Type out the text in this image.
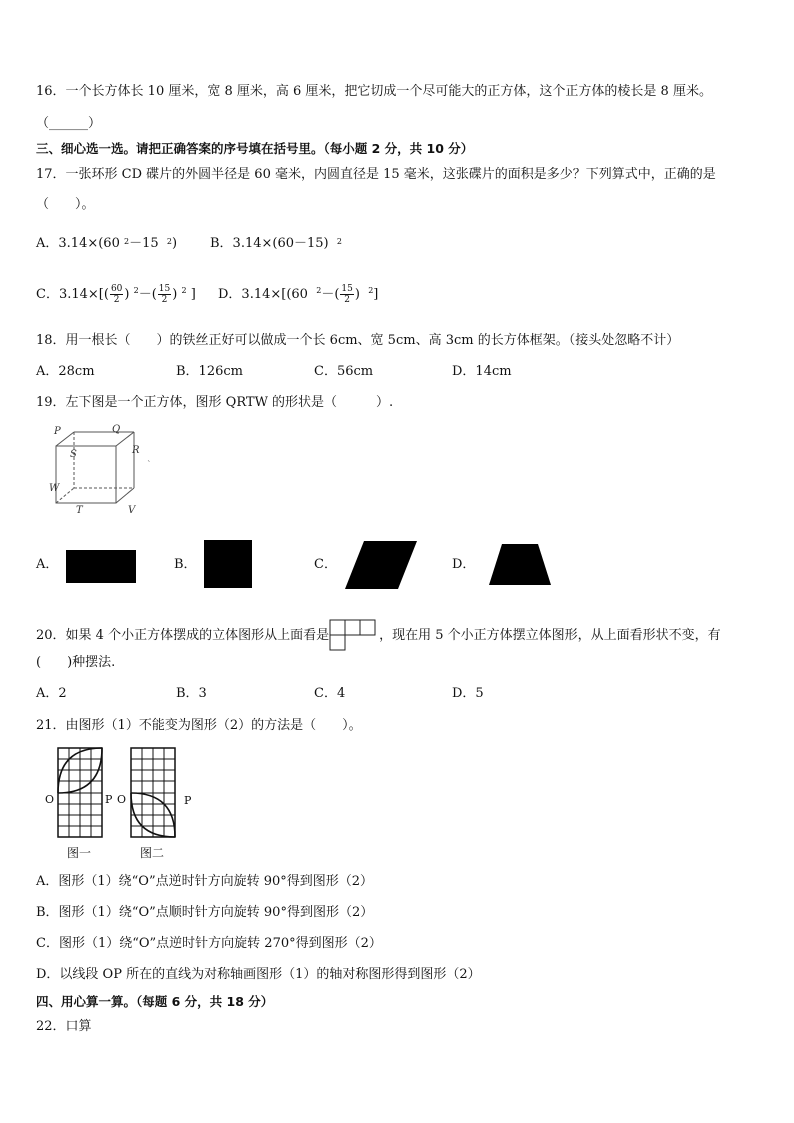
16．一个长方体长 10 厘米，宽 8 厘米，高 6 厘米，把它切成一个尽可能大的正方体，这个正方体的棱长是 8 厘米。
（______）
三、细心选一选。请把正确答案的序号填在括号里。（每小题 2 分，共 10 分）
17．一张环形 CD 碟片的外圆半径是 60 毫米，内圆直径是 15 毫米，这张碟片的面积是多少？下列算式中，正确的是
（　　）。
A．3.14×(60 $^2$－15 $^2$)	B．3.14×(60－15) $^2$
C．$3.14\times[( \frac{60}{2}$ ) $^2-( \frac{15}{2}$ ) $^2$ ] D．3.14×[(60 $^2-( \frac{15}{2}$ ) $^2$]
18．用一根长（　　）的铁丝正好可以做成一个长 6cm、宽 5cm、高 3cm 的长方体框架。（接头处忽略不计）
A．28cm	B．126cm	C．56cm	D．14cm
19．左下图是一个正方体，图形 QRTW 的形状是（　　　）.
P	Q
R
S
W
T	V
ˋ
A．	B．	C．	D．
20．如果 4 个小正方体摆成的立体图形从上面看是	，现在用 5 个小正方体摆立体图形，从上面看形状不变，有
(　　)种摆法.
A．2	B．3	C．4	D．5
21．由图形（1）不能变为图形（2）的方法是（　　）。
O	P O	P
图一	图二
A．图形（1）绕“O”点逆时针方向旋转 90°得到图形（2）
B．图形（1）绕“O”点顺时针方向旋转 90°得到图形（2）
C．图形（1）绕“O”点逆时针方向旋转 270°得到图形（2）
D．以线段 OP 所在的直线为对称轴画图形（1）的轴对称图形得到图形（2）
四、用心算一算。（每题 6 分，共 18 分）
22．口算
